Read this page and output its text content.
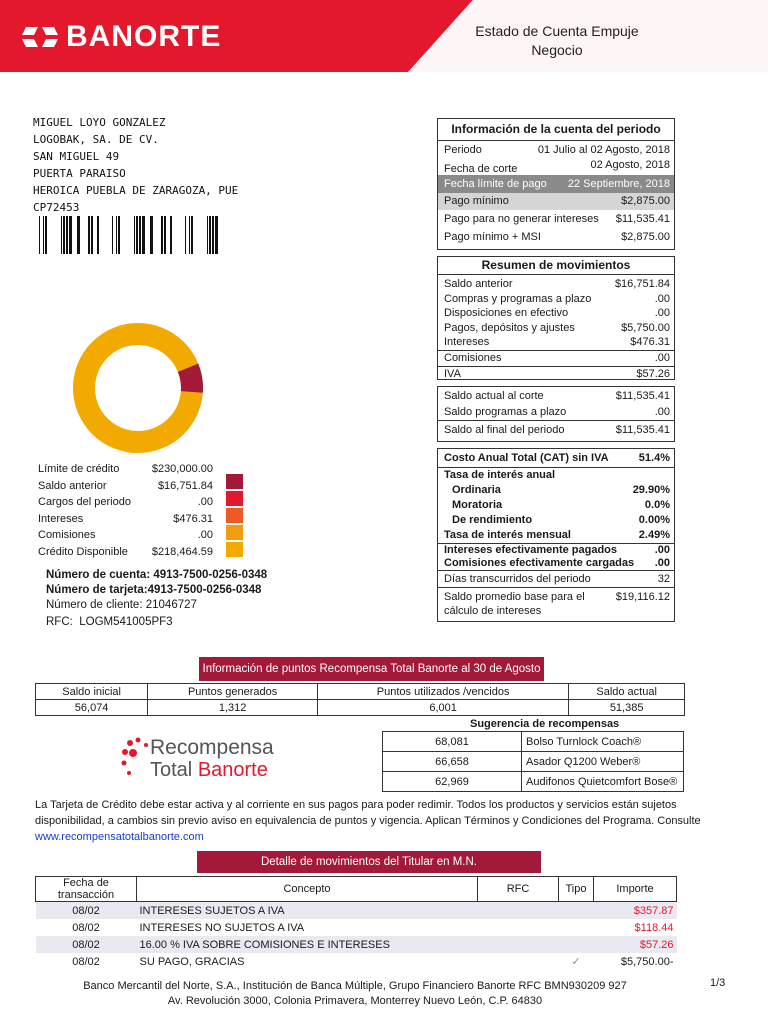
BANORTE	Estado de Cuenta Empuje
Negocio
MIGUEL LOYO GONZALEZ
LOGOBAK, SA. DE CV.
SAN MIGUEL 49
PUERTA PARAISO
HEROICA PUEBLA DE ZARAGOZA, PUE
CP72453
Información de la cuenta del periodo
Periodo	01 Julio al 02 Agosto, 2018
Fecha de corte	02 Agosto, 2018
Fecha límite de pago 22 Septiembre, 2018
Pago mínimo	$2,875.00
Pago para no generar intereses $11,535.41
Pago mínimo + MSI	$2,875.00
Resumen de movimientos
Saldo anterior	$16,751.84
Compras y programas a plazo	.00
Disposiciones en efectivo	.00
Pagos, depósitos y ajustes	$5,750.00
Intereses	$476.31
Comisiones	.00
IVA	$57.26
Saldo actual al corte	$11,535.41
Saldo programas a plazo	.00
Saldo al final del periodo	$11,535.41
Costo Anual Total (CAT) sin IVA	51.4%
Tasa de interés anual
Ordinaria	29.90%
Moratoria	0.0%
De rendimiento	0.00%
Tasa de interés mensual	2.49%
Intereses efectivamente pagados	.00
Comisiones efectivamente cargadas .00
Días transcurridos del periodo	32
Saldo promedio base para el
cálculo de intereses
$19,116.12
Límite de crédito	$230,000.00
Saldo anterior	$16,751.84
Cargos del periodo	.00
Intereses	$476.31
Comisiones	.00
Crédito Disponible	$218,464.59
Número de cuenta: 4913-7500-0256-0348
Número de tarjeta:4913-7500-0256-0348
Número de cliente: 21046727
RFC: LOGM541005PF3
Información de puntos Recompensa Total Banorte al 30 de Agosto
Saldo inicial	Puntos generados	Puntos utilizados /vencidos	Saldo actual
56,074	1,312	6,001	51,385
Sugerencia de recompensas
68,081	Bolso Turnlock Coach®
66,658	Asador Q1200 Weber®
62,969	Audifonos Quietcomfort Bose®
Recompensa
Total Banorte
La Tarjeta de Crédito debe estar activa y al corriente en sus pagos para poder redimir. Todos los productos y servicios están sujetos disponibilidad, a cambios sin previo aviso en equivalencia de puntos y vigencia. Aplican Términos y Condiciones del Programa. Consulte
www.recompensatotalbanorte.com
Detalle de movimientos del Titular en M.N.
Fecha de transacción	Concepto	RFC	Tipo	Importe
08/02	INTERESES SUJETOS A IVA			$357.87
08/02	INTERESES NO SUJETOS A IVA			$118.44
08/02	16.00 % IVA SOBRE COMISIONES E INTERESES			$57.26
08/02	SU PAGO, GRACIAS		✓	$5,750.00-
Banco Mercantil del Norte, S.A., Institución de Banca Múltiple, Grupo Financiero Banorte RFC BMN930209 927
Av. Revolución 3000, Colonia Primavera, Monterrey Nuevo León, C.P. 64830
1/3
